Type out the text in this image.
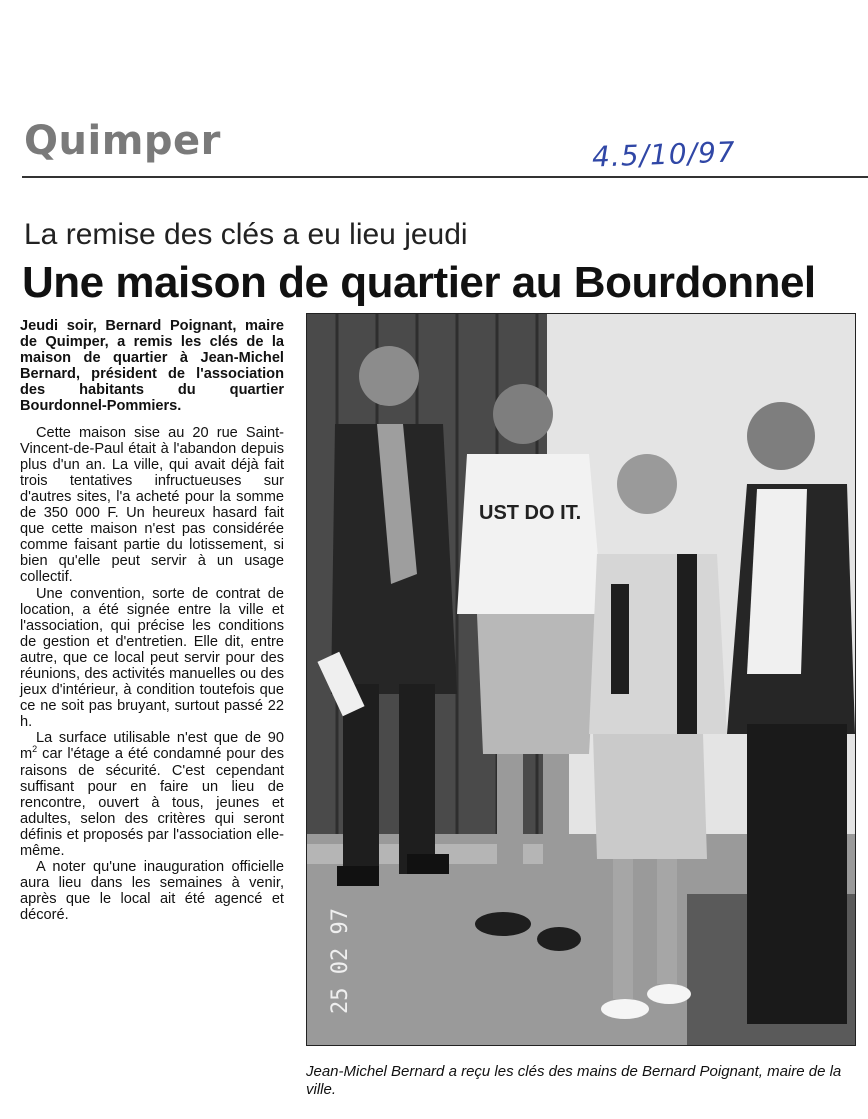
Quimper	4.5/10/97
La remise des clés a eu lieu jeudi
Une maison de quartier au Bourdonnel

Jeudi soir, Bernard Poignant, maire de Quimper, a remis les clés de la maison de quartier à Jean-Michel Bernard, président de l'association des habitants du quartier Bourdonnel-Pommiers.

Cette maison sise au 20 rue Saint-Vincent-de-Paul était à l'abandon depuis plus d'un an. La ville, qui avait déjà fait trois tentatives infructueuses sur d'autres sites, l'a acheté pour la somme de 350 000 F. Un heureux hasard fait que cette maison n'est pas considérée comme faisant partie du lotissement, si bien qu'elle peut servir à un usage collectif.

Une convention, sorte de contrat de location, a été signée entre la ville et l'association, qui précise les conditions de gestion et d'entretien. Elle dit, entre autre, que ce local peut servir pour des réunions, des activités manuelles ou des jeux d'intérieur, à condition toutefois que ce ne soit pas bruyant, surtout passé 22 h.

La surface utilisable n'est que de 90 $m^2$ car l'étage a été condamné pour des raisons de sécurité. C'est cependant suffisant pour en faire un lieu de rencontre, ouvert à tous, jeunes et adultes, selon des critères qui seront définis et proposés par l'association elle-même.

A noter qu'une inauguration officielle aura lieu dans les semaines à venir, après que le local ait été agencé et décoré.

UST DO IT.
25 02 97
Jean-Michel Bernard a reçu les clés des mains de Bernard Poignant, maire de la ville.
